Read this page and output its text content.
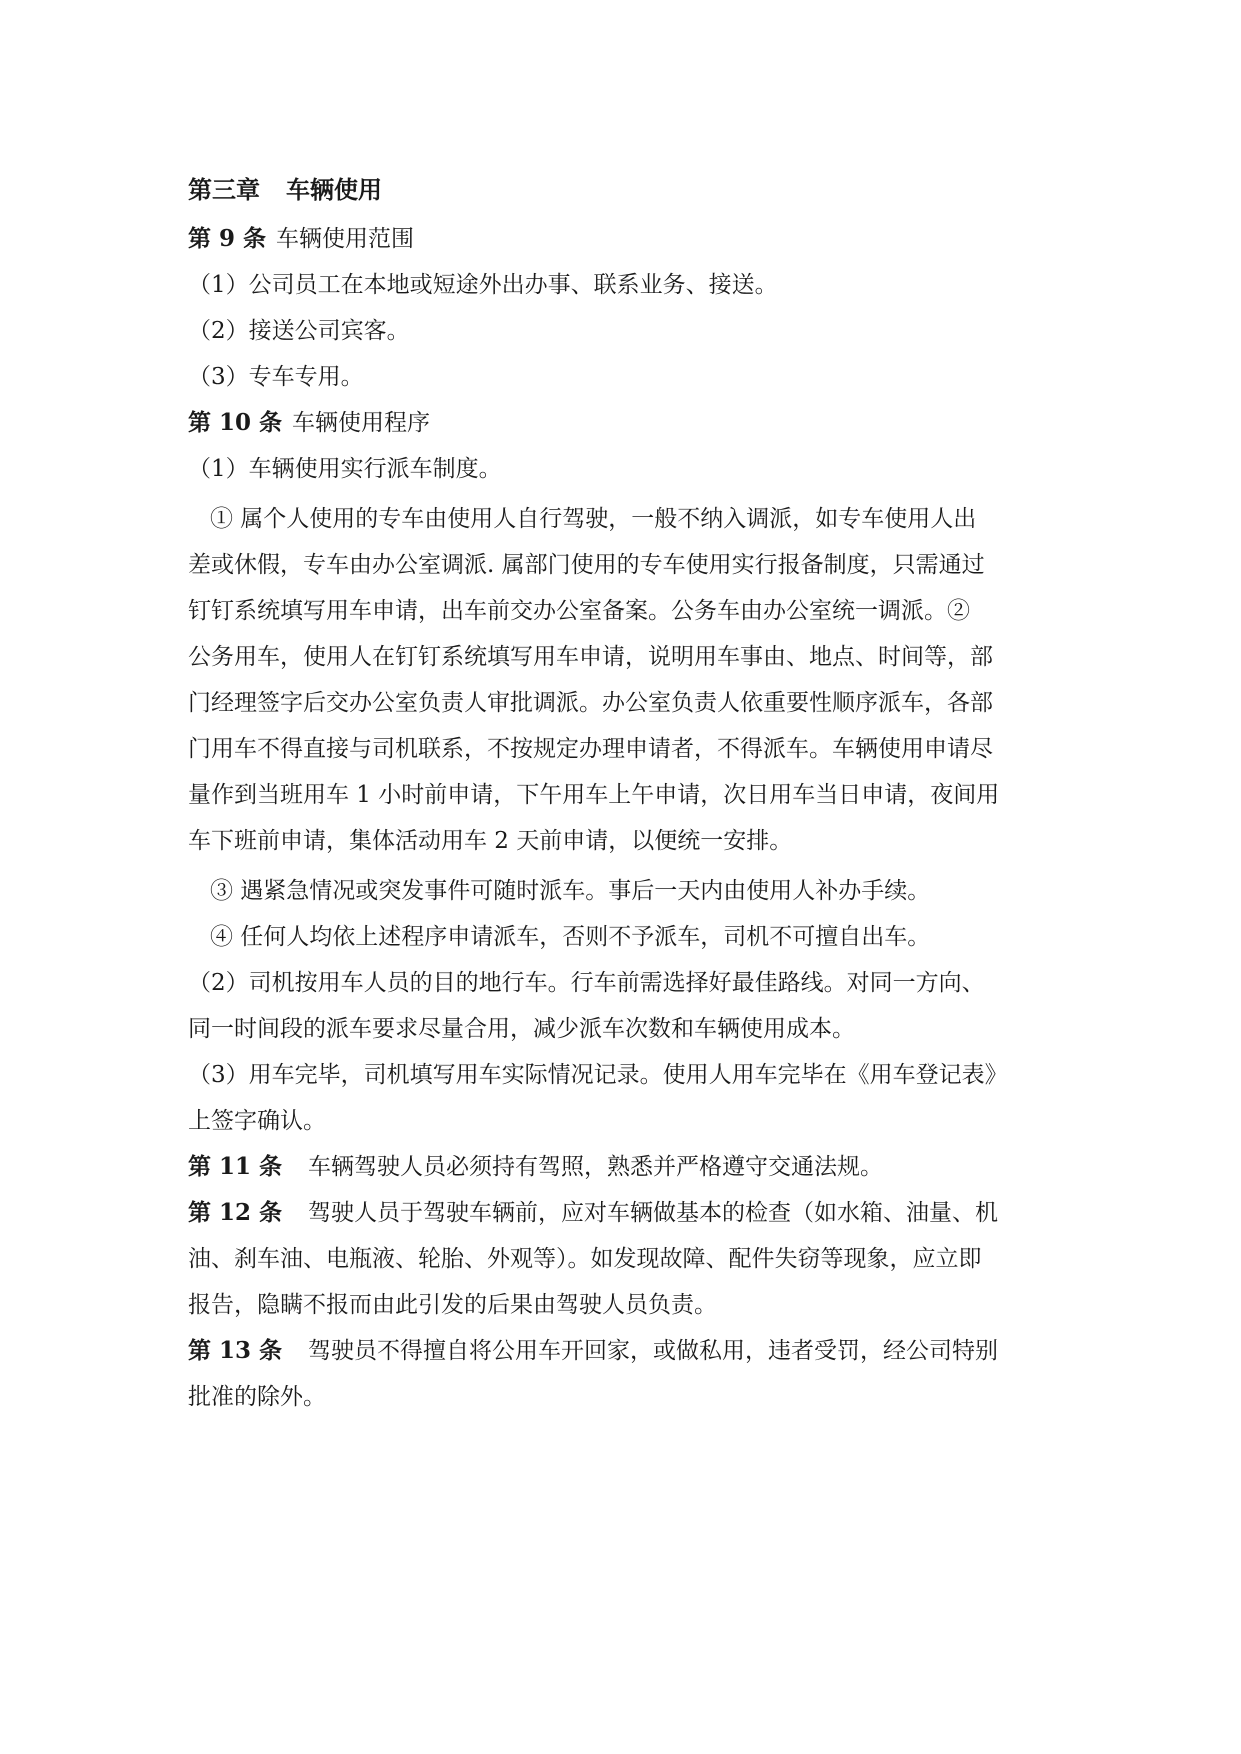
第三章 车辆使用
第 9 条 车辆使用范围
（1）公司员工在本地或短途外出办事、联系业务、接送。
（2）接送公司宾客。
（3）专车专用。
第 10 条 车辆使用程序
（1）车辆使用实行派车制度。
① 属个人使用的专车由使用人自行驾驶，一般不纳入调派，如专车使用人出
差或休假，专车由办公室调派. 属部门使用的专车使用实行报备制度，只需通过
钉钉系统填写用车申请，出车前交办公室备案。公务车由办公室统一调派。②
公务用车，使用人在钉钉系统填写用车申请，说明用车事由、地点、时间等，部
门经理签字后交办公室负责人审批调派。办公室负责人依重要性顺序派车，各部
门用车不得直接与司机联系，不按规定办理申请者，不得派车。车辆使用申请尽
量作到当班用车 1 小时前申请，下午用车上午申请，次日用车当日申请，夜间用
车下班前申请，集体活动用车 2 天前申请，以便统一安排。
③ 遇紧急情况或突发事件可随时派车。事后一天内由使用人补办手续。
④ 任何人均依上述程序申请派车，否则不予派车，司机不可擅自出车。
（2）司机按用车人员的目的地行车。行车前需选择好最佳路线。对同一方向、
同一时间段的派车要求尽量合用，减少派车次数和车辆使用成本。
（3）用车完毕，司机填写用车实际情况记录。使用人用车完毕在《用车登记表》
上签字确认。
第 11 条 车辆驾驶人员必须持有驾照，熟悉并严格遵守交通法规。
第 12 条 驾驶人员于驾驶车辆前，应对车辆做基本的检查（如水箱、油量、机
油、刹车油、电瓶液、轮胎、外观等）。如发现故障、配件失窃等现象，应立即
报告，隐瞒不报而由此引发的后果由驾驶人员负责。
第 13 条 驾驶员不得擅自将公用车开回家，或做私用，违者受罚，经公司特别
批准的除外。
